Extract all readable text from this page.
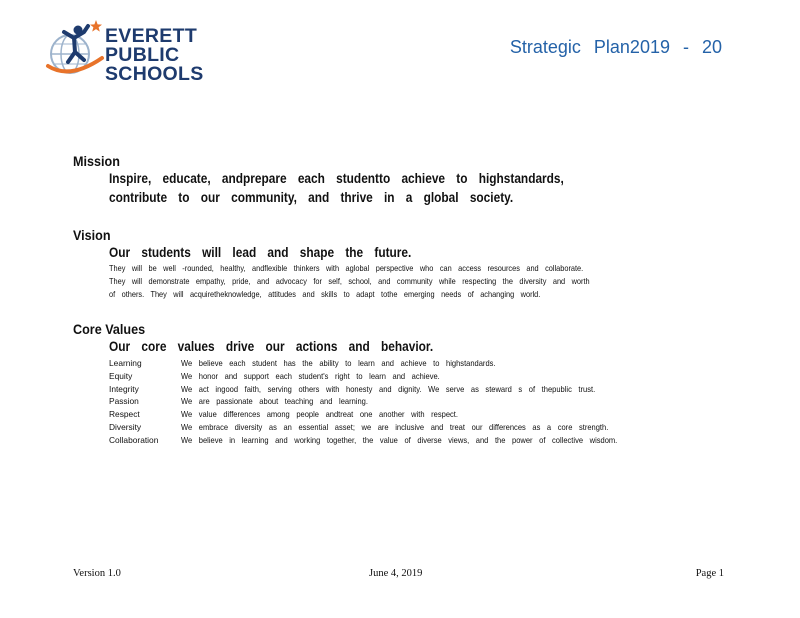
EVERETT
PUBLIC
SCHOOLS
Strategic Plan2019 - 20
Mission
Inspire, educate, andprepare each studentto achieve to highstandards,
contribute to our community, and thrive in a global society.
Vision
Our students will lead and shape the future.
They will be well -rounded, healthy, andflexible thinkers with aglobal perspective who can access resources and collaborate.
They will demonstrate empathy, pride, and advocacy for self, school, and community while respecting the diversity and worth
of others. They will acquiretheknowledge, attitudes and skills to adapt tothe emerging needs of achanging world.
Core Values
Our core values drive our actions and behavior.
Learning	We believe each student has the ability to learn and achieve to highstandards.
Equity	We honor and support each student's right to learn and achieve.
Integrity	We act ingood faith, serving others with honesty and dignity. We serve as steward s of thepublic trust.
Passion	We are passionate about teaching and learning.
Respect	We value differences among people andtreat one another with respect.
Diversity	We embrace diversity as an essential asset; we are inclusive and treat our differences as a core strength.
Collaboration	We believe in learning and working together, the value of diverse views, and the power of collective wisdom.
Version 1.0	June 4, 2019	Page 1
